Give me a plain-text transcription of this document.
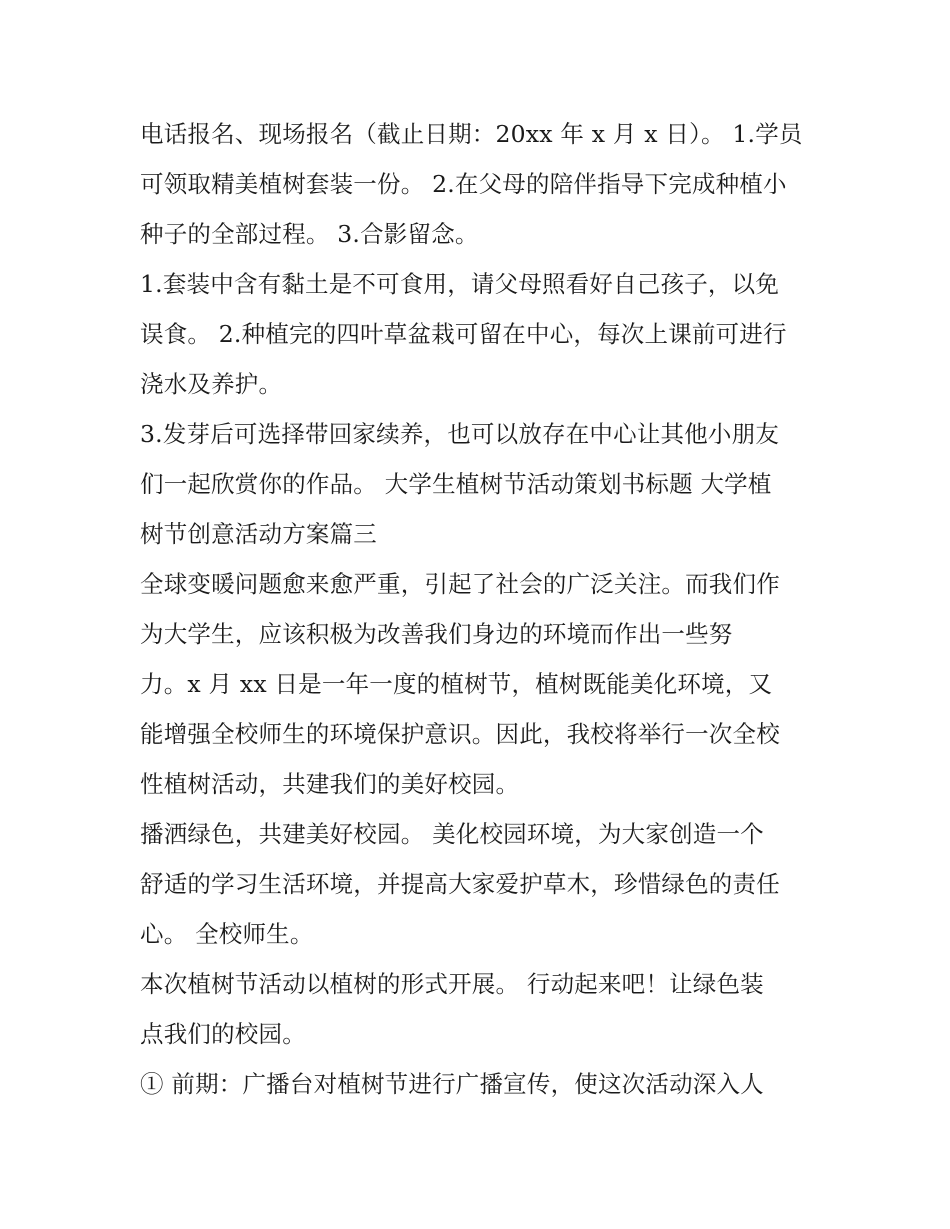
电话报名、现场报名（截止日期：20xx 年 x 月 x 日）。 1.学员
可领取精美植树套装一份。 2.在父母的陪伴指导下完成种植小
种子的全部过程。 3.合影留念。
1.套装中含有黏土是不可食用，请父母照看好自己孩子，以免
误食。 2.种植完的四叶草盆栽可留在中心，每次上课前可进行
浇水及养护。
3.发芽后可选择带回家续养，也可以放存在中心让其他小朋友
们一起欣赏你的作品。 大学生植树节活动策划书标题 大学植
树节创意活动方案篇三
全球变暖问题愈来愈严重，引起了社会的广泛关注。而我们作
为大学生，应该积极为改善我们身边的环境而作出一些努
力。x 月 xx 日是一年一度的植树节，植树既能美化环境，又
能增强全校师生的环境保护意识。因此，我校将举行一次全校
性植树活动，共建我们的美好校园。
播洒绿色，共建美好校园。 美化校园环境，为大家创造一个
舒适的学习生活环境，并提高大家爱护草木，珍惜绿色的责任
心。 全校师生。
本次植树节活动以植树的形式开展。 行动起来吧！让绿色装
点我们的校园。
① 前期：广播台对植树节进行广播宣传，使这次活动深入人
